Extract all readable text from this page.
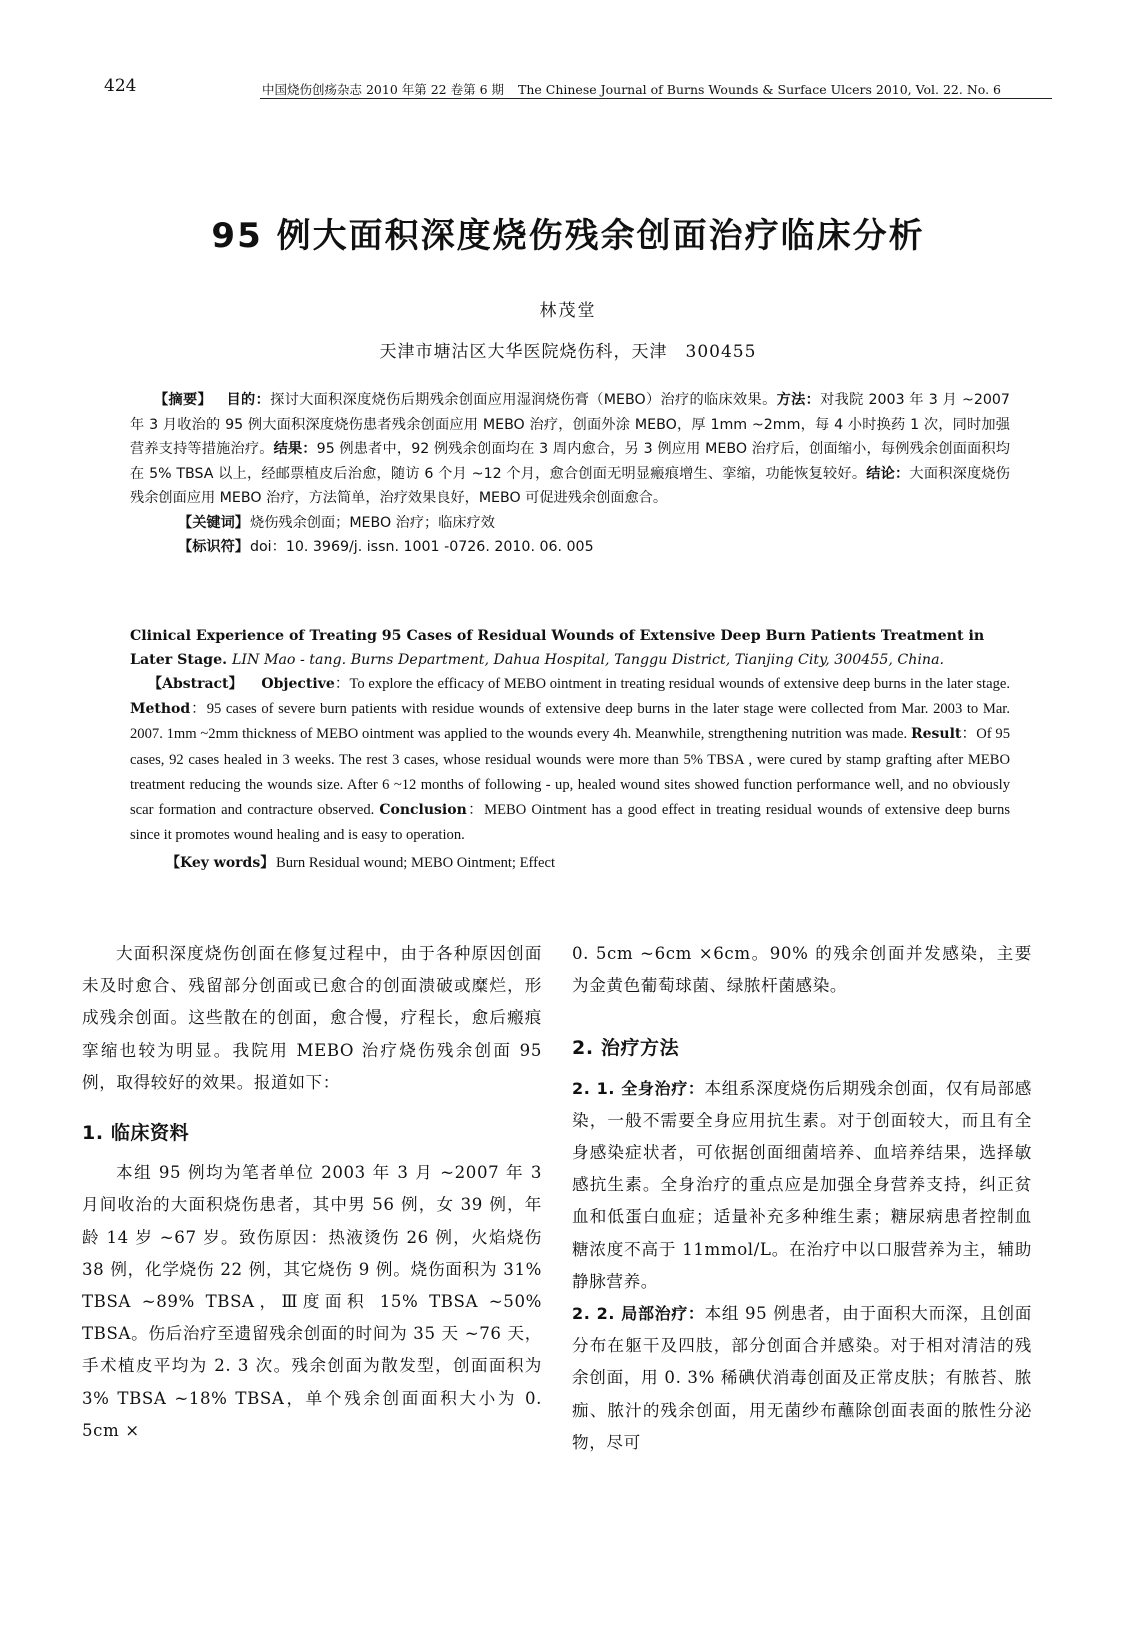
424	中国烧伤创疡杂志 2010 年第 22 卷第 6 期 The Chinese Journal of Burns Wounds & Surface Ulcers 2010, Vol. 22. No. 6
95 例大面积深度烧伤残余创面治疗临床分析
林茂堂
天津市塘沽区大华医院烧伤科，天津　300455

【摘要】 目的：探讨大面积深度烧伤后期残余创面应用湿润烧伤膏（MEBO）治疗的临床效果。方法：对我院 2003 年 3 月 ~2007 年 3 月收治的 95 例大面积深度烧伤患者残余创面应用 MEBO 治疗，创面外涂 MEBO，厚 1mm ~2mm，每 4 小时换药 1 次，同时加强营养支持等措施治疗。结果：95 例患者中，92 例残余创面均在 3 周内愈合，另 3 例应用 MEBO 治疗后，创面缩小，每例残余创面面积均在 5% TBSA 以上，经邮票植皮后治愈，随访 6 个月 ~12 个月，愈合创面无明显瘢痕增生、挛缩，功能恢复较好。结论：大面积深度烧伤残余创面应用 MEBO 治疗，方法简单，治疗效果良好，MEBO 可促进残余创面愈合。

【关键词】烧伤残余创面；MEBO 治疗；临床疗效

【标识符】doi：10. 3969/j. issn. 1001 -0726. 2010. 06. 005

Clinical Experience of Treating 95 Cases of Residual Wounds of Extensive Deep Burn Patients Treatment in Later Stage. LIN Mao - tang. Burns Department, Dahua Hospital, Tanggu District, Tianjing City, 300455, China.

【Abstract】 Objective：To explore the efficacy of MEBO ointment in treating residual wounds of extensive deep burns in the later stage. Method：95 cases of severe burn patients with residue wounds of extensive deep burns in the later stage were collected from Mar. 2003 to Mar. 2007. 1mm ~2mm thickness of MEBO ointment was applied to the wounds every 4h. Meanwhile, strengthening nutrition was made. Result：Of 95 cases, 92 cases healed in 3 weeks. The rest 3 cases, whose residual wounds were more than 5% TBSA , were cured by stamp grafting after MEBO treatment reducing the wounds size. After 6 ~12 months of following - up, healed wound sites showed function performance well, and no obviously scar formation and contracture observed. Conclusion：MEBO Ointment has a good effect in treating residual wounds of extensive deep burns since it promotes wound healing and is easy to operation.

【Key words】 Burn Residual wound; MEBO Ointment; Effect

大面积深度烧伤创面在修复过程中，由于各种原因创面未及时愈合、残留部分创面或已愈合的创面溃破或糜烂，形成残余创面。这些散在的创面，愈合慢，疗程长，愈后瘢痕挛缩也较为明显。我院用 MEBO 治疗烧伤残余创面 95 例，取得较好的效果。报道如下：

1. 临床资料

本组 95 例均为笔者单位 2003 年 3 月 ~2007 年 3 月间收治的大面积烧伤患者，其中男 56 例，女 39 例，年龄 14 岁 ~67 岁。致伤原因：热液烫伤 26 例，火焰烧伤 38 例，化学烧伤 22 例，其它烧伤 9 例。烧伤面积为 31% TBSA ~89% TBSA，Ⅲ度面积 15% TBSA ~50% TBSA。伤后治疗至遗留残余创面的时间为 35 天 ~76 天，手术植皮平均为 2. 3 次。残余创面为散发型，创面面积为 3% TBSA ~18% TBSA，单个残余创面面积大小为 0. 5cm ×

0. 5cm ~6cm ×6cm。90% 的残余创面并发感染，主要为金黄色葡萄球菌、绿脓杆菌感染。

2. 治疗方法

2. 1. 全身治疗：本组系深度烧伤后期残余创面，仅有局部感染，一般不需要全身应用抗生素。对于创面较大，而且有全身感染症状者，可依据创面细菌培养、血培养结果，选择敏感抗生素。全身治疗的重点应是加强全身营养支持，纠正贫血和低蛋白血症；适量补充多种维生素；糖尿病患者控制血糖浓度不高于 11mmol/L。在治疗中以口服营养为主，辅助静脉营养。

2. 2. 局部治疗：本组 95 例患者，由于面积大而深，且创面分布在躯干及四肢，部分创面合并感染。对于相对清洁的残余创面，用 0. 3% 稀碘伏消毒创面及正常皮肤；有脓苔、脓痂、脓汁的残余创面，用无菌纱布蘸除创面表面的脓性分泌物，尽可
